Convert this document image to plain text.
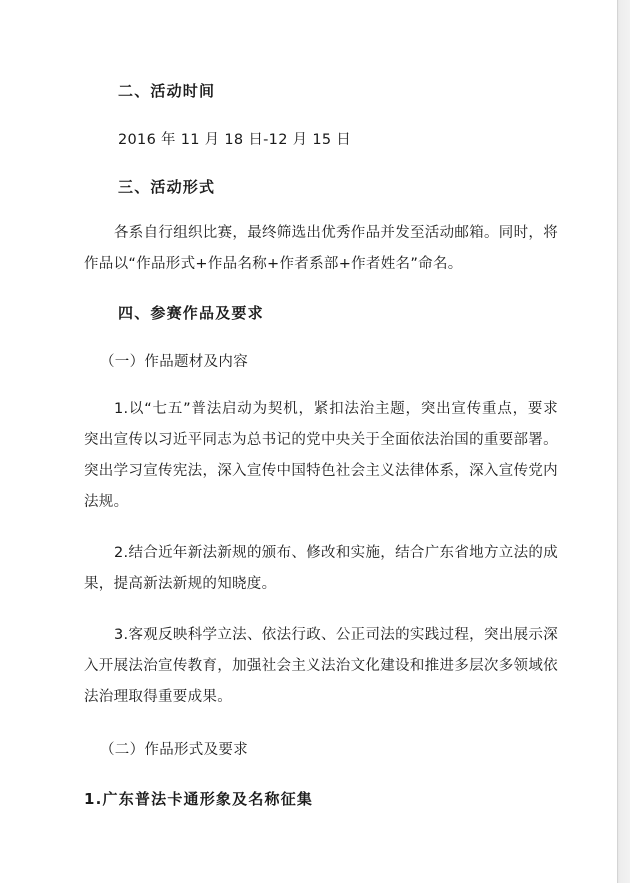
二、活动时间
2016 年 11 月 18 日-12 月 15 日
三、活动形式
各系自行组织比赛，最终筛选出优秀作品并发至活动邮箱。同时，将作品以“作品形式+作品名称+作者系部+作者姓名”命名。
四、参赛作品及要求
（一）作品题材及内容
1.以“七五”普法启动为契机，紧扣法治主题，突出宣传重点，要求突出宣传以习近平同志为总书记的党中央关于全面依法治国的重要部署。突出学习宣传宪法，深入宣传中国特色社会主义法律体系，深入宣传党内法规。
2.结合近年新法新规的颁布、修改和实施，结合广东省地方立法的成果，提高新法新规的知晓度。
3.客观反映科学立法、依法行政、公正司法的实践过程，突出展示深入开展法治宣传教育，加强社会主义法治文化建设和推进多层次多领域依法治理取得重要成果。
（二）作品形式及要求
1.广东普法卡通形象及名称征集
